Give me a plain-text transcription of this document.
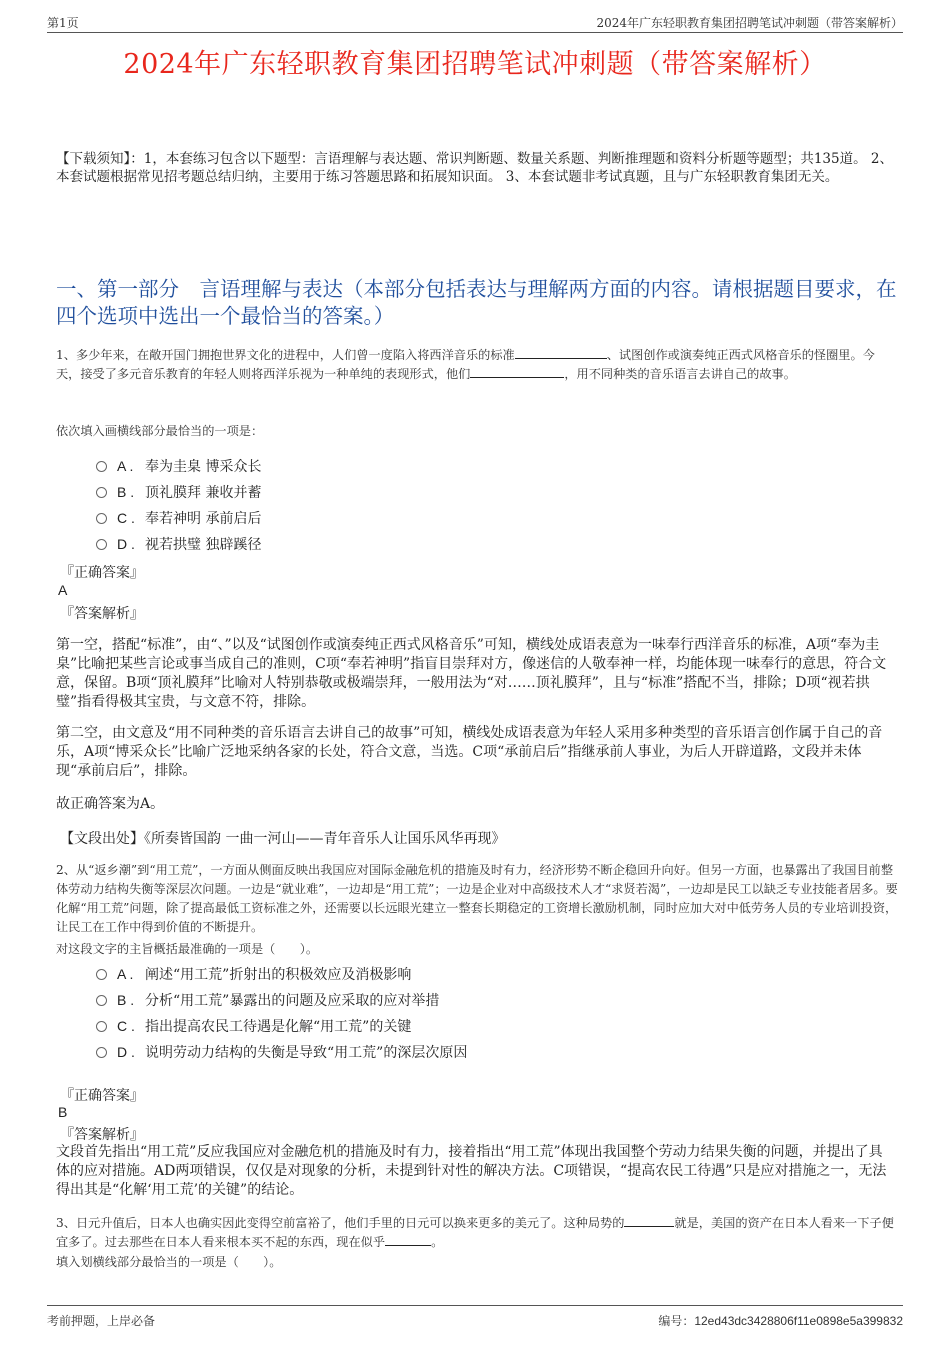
第1页	2024年广东轻职教育集团招聘笔试冲刺题（带答案解析）
2024年广东轻职教育集团招聘笔试冲刺题（带答案解析）
【下载须知】：1，本套练习包含以下题型：言语理解与表达题、常识判断题、数量关系题、判断推理题和资料分析题等题型；共135道。 2、本套试题根据常见招考题总结归纳，主要用于练习答题思路和拓展知识面。 3、本套试题非考试真题，且与广东轻职教育集团无关。
一、第一部分　言语理解与表达（本部分包括表达与理解两方面的内容。请根据题目要求，在四个选项中选出一个最恰当的答案。）
1、多少年来，在敞开国门拥抱世界文化的进程中，人们曾一度陷入将西洋音乐的标准	、试图创作或演奏纯正西式风格音乐的怪圈里。今天，接受了多元音乐教育的年轻人则将西洋乐视为一种单纯的表现形式，他们	，用不同种类的音乐语言去讲自己的故事。
依次填入画横线部分最恰当的一项是：
A . 奉为圭臬 博采众长
B . 顶礼膜拜 兼收并蓄
C . 奉若神明 承前启后
D . 视若拱璧 独辟蹊径
『正确答案』
A
『答案解析』
第一空，搭配“标准”，由“、”以及“试图创作或演奏纯正西式风格音乐”可知，横线处成语表意为一味奉行西洋音乐的标准，A项“奉为圭臬”比喻把某些言论或事当成自己的准则，C项“奉若神明”指盲目崇拜对方，像迷信的人敬奉神一样，均能体现一味奉行的意思，符合文意，保留。B项“顶礼膜拜”比喻对人特别恭敬或极端崇拜，一般用法为“对……顶礼膜拜”，且与“标准”搭配不当，排除；D项“视若拱璧”指看得极其宝贵，与文意不符，排除。
第二空，由文意及“用不同种类的音乐语言去讲自己的故事”可知，横线处成语表意为年轻人采用多种类型的音乐语言创作属于自己的音乐，A项“博采众长”比喻广泛地采纳各家的长处，符合文意，当选。C项“承前启后”指继承前人事业，为后人开辟道路，文段并未体现“承前启后”，排除。
故正确答案为A。
【文段出处】《所奏皆国韵 一曲一河山——青年音乐人让国乐风华再现》
2、从“返乡潮”到“用工荒”，一方面从侧面反映出我国应对国际金融危机的措施及时有力，经济形势不断企稳回升向好。但另一方面，也暴露出了我国目前整体劳动力结构失衡等深层次问题。一边是“就业难”，一边却是“用工荒”；一边是企业对中高级技术人才“求贤若渴”，一边却是民工以缺乏专业技能者居多。要化解“用工荒”问题，除了提高最低工资标准之外，还需要以长远眼光建立一整套长期稳定的工资增长激励机制，同时应加大对中低劳务人员的专业培训投资，让民工在工作中得到价值的不断提升。
对这段文字的主旨概括最准确的一项是（　　）。
A . 阐述“用工荒”折射出的积极效应及消极影响
B . 分析“用工荒”暴露出的问题及应采取的应对举措
C . 指出提高农民工待遇是化解“用工荒”的关键
D . 说明劳动力结构的失衡是导致“用工荒”的深层次原因
『正确答案』
B
『答案解析』
文段首先指出“用工荒”反应我国应对金融危机的措施及时有力，接着指出“用工荒”体现出我国整个劳动力结果失衡的问题，并提出了具体的应对措施。AD两项错误，仅仅是对现象的分析，未提到针对性的解决方法。C项错误，“提高农民工待遇”只是应对措施之一，无法得出其是“化解‘用工荒’的关键”的结论。
3、日元升值后，日本人也确实因此变得空前富裕了，他们手里的日元可以换来更多的美元了。这种局势的	就是，美国的资产在日本人看来一下子便宜多了。过去那些在日本人看来根本买不起的东西，现在似乎	。
填入划横线部分最恰当的一项是（　　）。
考前押题，上岸必备	编号：12ed43dc3428806f11e0898e5a399832
